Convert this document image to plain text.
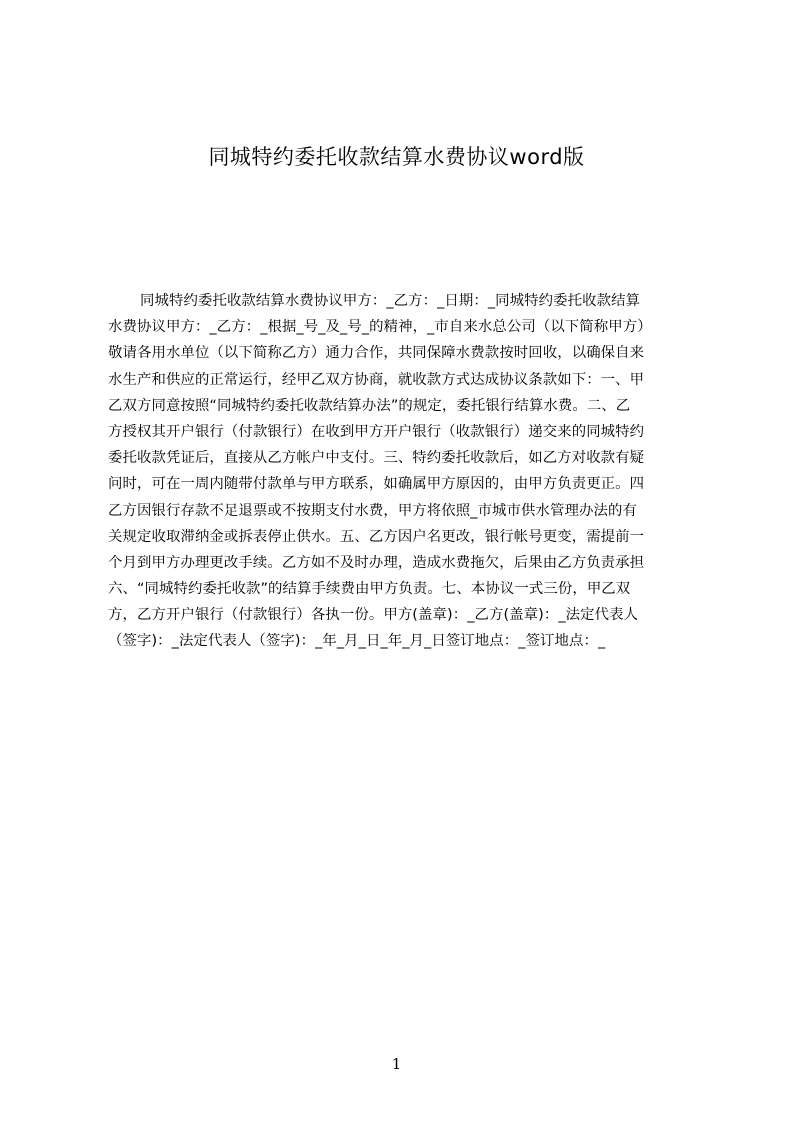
同城特约委托收款结算水费协议word版
同城特约委托收款结算水费协议甲方：_乙方：_日期：_同城特约委托收款结算
水费协议甲方：_乙方：_根据_号_及_号_的精神，_市自来水总公司（以下简称甲方）
敬请各用水单位（以下简称乙方）通力合作，共同保障水费款按时回收，以确保自来
水生产和供应的正常运行，经甲乙双方协商，就收款方式达成协议条款如下：一、甲
乙双方同意按照“同城特约委托收款结算办法”的规定，委托银行结算水费。二、乙
方授权其开户银行（付款银行）在收到甲方开户银行（收款银行）递交来的同城特约
委托收款凭证后，直接从乙方帐户中支付。三、特约委托收款后，如乙方对收款有疑
问时，可在一周内随带付款单与甲方联系，如确属甲方原因的，由甲方负责更正。四
乙方因银行存款不足退票或不按期支付水费，甲方将依照_市城市供水管理办法的有
关规定收取滞纳金或拆表停止供水。五、乙方因户名更改，银行帐号更变，需提前一
个月到甲方办理更改手续。乙方如不及时办理，造成水费拖欠，后果由乙方负责承担
六、“同城特约委托收款”的结算手续费由甲方负责。七、本协议一式三份，甲乙双
方，乙方开户银行（付款银行）各执一份。甲方(盖章)：_乙方(盖章)：_法定代表人
（签字)：_法定代表人（签字)：_年_月_日_年_月_日签订地点：_签订地点：_
1
